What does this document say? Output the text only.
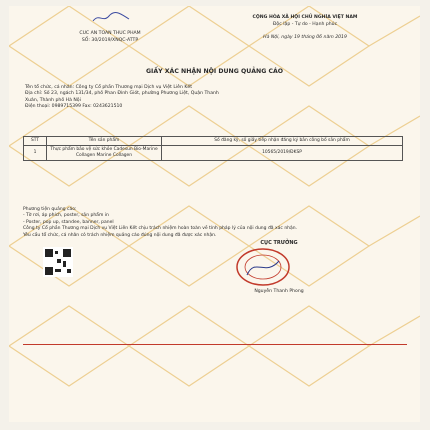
CUC AN TOAN THUC PHAM
SỐ: 30/2019/XNQC-ATTP
CỘNG HÒA XÃ HỘI CHỦ NGHĨA VIỆT NAM
Độc lập - Tự do - Hạnh phúc
Hà Nội, ngày 19 tháng 06 năm 2019
GIẤY XÁC NHẬN NỘI DUNG QUẢNG CÁO
Tên tổ chức, cá nhân: Công ty Cổ phần Thương mại Dịch vụ Việt Liên Kết
Địa chỉ: Số 23, ngách 131/34, phố Phan Đình Giót, phường Phương Liệt, Quận Thanh
Xuân, Thành phố Hà Nội
Điện thoại: 0989715399 Fax: 0243621510
STT	Tên sản phẩm	Số đăng ký, số giấy tiếp nhận đăng ký bản công bố sản phẩm
1	Thực phẩm bảo vệ sức khỏe Cadesun Bio-Marine Collagen Marine Collagen	10565/2019/ĐKSP
Phương tiện quảng cáo:
- Tờ rơi, áp phích, poster, sản phẩm in
- Poster, pop up, standee, banner, panel
Công ty Cổ phần Thương mại Dịch vụ Việt Liên Kết chịu trách nhiệm hoàn toàn về tính pháp lý của nội dung đã xác nhận.
Yêu cầu tổ chức, cá nhân có trách nhiệm quảng cáo đúng nội dung đã được xác nhận.
CỤC TRƯỞNG
Nguyễn Thanh Phong
